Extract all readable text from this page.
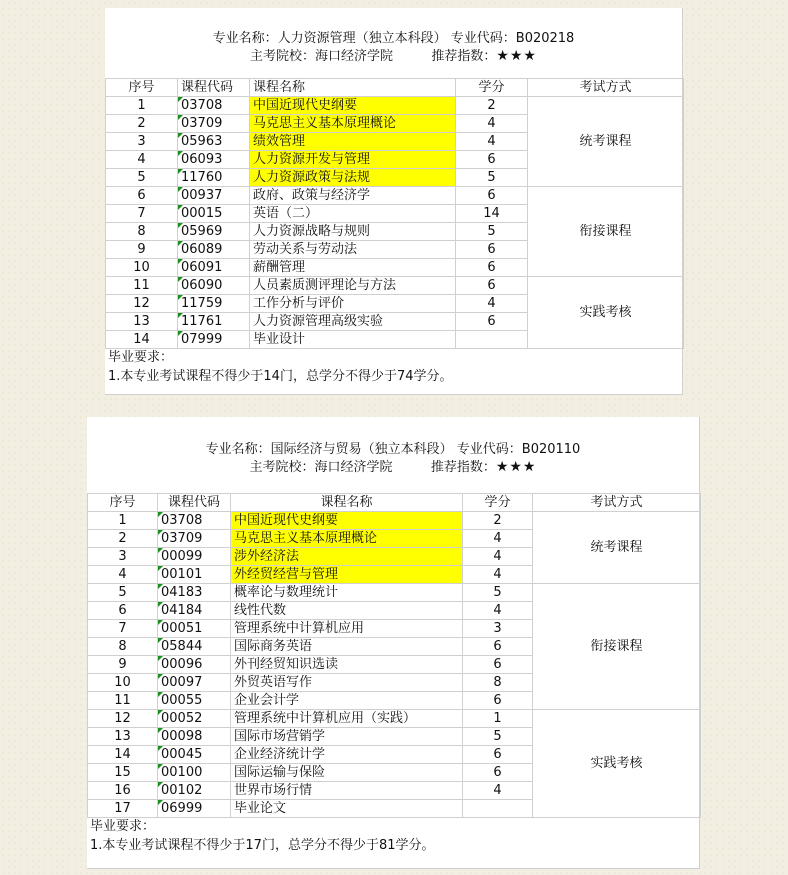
专业名称：人力资源管理（独立本科段） 专业代码：B020218
主考院校：海口经济学院	推荐指数：★★★
序号	课程代码	课程名称	学分	考试方式
1	03708	中国近现代史纲要	2	统考课程
2	03709	马克思主义基本原理概论	4	
3	05963	绩效管理	4	
4	06093	人力资源开发与管理	6	
5	11760	人力资源政策与法规	5	
6	00937	政府、政策与经济学	6	衔接课程
7	00015	英语（二）	14	
8	05969	人力资源战略与规则	5	
9	06089	劳动关系与劳动法	6	
10	06091	薪酬管理	6	
11	06090	人员素质测评理论与方法	6	实践考核
12	11759	工作分析与评价	4	
13	11761	人力资源管理高级实验	6	
14	07999	毕业设计		
毕业要求：
1.本专业考试课程不得少于14门，总学分不得少于74学分。
专业名称：国际经济与贸易（独立本科段） 专业代码：B020110
主考院校：海口经济学院	推荐指数：★★★
序号	课程代码	课程名称	学分	考试方式
1	03708	中国近现代史纲要	2	统考课程
2	03709	马克思主义基本原理概论	4	
3	00099	涉外经济法	4	
4	00101	外经贸经营与管理	4	
5	04183	概率论与数理统计	5	衔接课程
6	04184	线性代数	4	
7	00051	管理系统中计算机应用	3	
8	05844	国际商务英语	6	
9	00096	外刊经贸知识选读	6	
10	00097	外贸英语写作	8	
11	00055	企业会计学	6	
12	00052	管理系统中计算机应用（实践）	1	实践考核
13	00098	国际市场营销学	5	
14	00045	企业经济统计学	6	
15	00100	国际运输与保险	6	
16	00102	世界市场行情	4	
17	06999	毕业论文		
毕业要求：
1.本专业考试课程不得少于17门，总学分不得少于81学分。
